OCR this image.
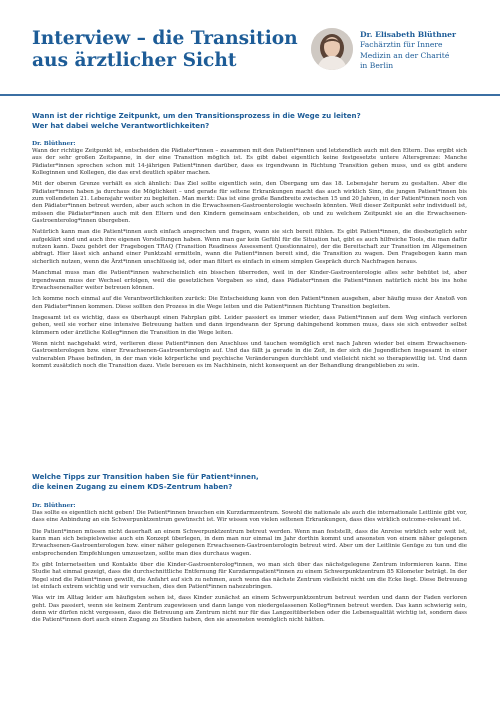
Interview – die Transition
aus ärztlicher Sicht
Dr. Elisabeth Blüthner
Fachärztin für Innere
Medizin an der Charité
in Berlin
Wann ist der richtige Zeitpunkt, um den Transitionsprozess in die Wege zu leiten?
Wer hat dabei welche Verantwortlichkeiten?
Dr. Blüthner:

Wann der richtige Zeitpunkt ist, entscheiden die Pädiater*innen – zusammen mit den Patient*innen und letztendlich auch mit den Eltern. Das ergibt sich aus der sehr großen Zeitspanne, in der eine Transition möglich ist. Es gibt dabei eigentlich keine festgesetzte untere Altersgrenze: Manche Pädiater*innen sprechen schon mit 14-jährigen Patient*innen darüber, dass es irgendwann in Richtung Transition gehen muss, und es gibt andere Kolleginnen und Kollegen, die das erst deutlich später machen.

Mit der oberen Grenze verhält es sich ähnlich: Das Ziel sollte eigentlich sein, den Übergang um das 18. Lebensjahr herum zu gestalten. Aber die Pädiater*innen haben ja durchaus die Möglichkeit – und gerade für seltene Erkrankungen macht das auch wirklich Sinn, die jungen Patient*innen bis zum vollendeten 21. Lebensjahr weiter zu begleiten. Man merkt: Das ist eine große Bandbreite zwischen 15 und 20 Jahren, in der Patient*innen noch von den Pädiater*innen betreut werden, aber auch schon in die Erwachsenen-Gastroenterologie wechseln könnten. Weil dieser Zeitpunkt sehr individuell ist, müssen die Pädiater*innen auch mit den Eltern und den Kindern gemeinsam entscheiden, ob und zu welchem Zeitpunkt sie an die Erwachsenen-Gastroenterolog*innen übergeben.

Natürlich kann man die Patient*innen auch einfach ansprechen und fragen, wann sie sich bereit fühlen. Es gibt Patient*innen, die diesbezüglich sehr aufgeklärt sind und auch ihre eigenen Vorstellungen haben. Wenn man gar kein Gefühl für die Situation hat, gibt es auch hilfreiche Tools, die man dafür nutzen kann. Dazu gehört der Fragebogen TRAQ (Transition Readiness Assessment Questionnaire), der die Bereitschaft zur Transition im Allgemeinen abfragt. Hier lässt sich anhand einer Punktzahl ermitteln, wann die Patient*innen bereit sind, die Transition zu wagen. Den Fragebogen kann man sicherlich nutzen, wenn die Ärzt*innen unschlüssig ist, oder man filtert es einfach in einem simplen Gespräch durch Nachfragen heraus.

Manchmal muss man die Patient*innen wahrscheinlich ein bisschen überreden, weil in der Kinder-Gastroenterologie alles sehr behütet ist, aber irgendwann muss der Wechsel erfolgen, weil die gesetzlichen Vorgaben so sind, dass Pädiater*innen die Patient*innen natürlich nicht bis ins hohe Erwachsenenalter weiter betreuen können.

Ich komme noch einmal auf die Verantwortlichkeiten zurück: Die Entscheidung kann von den Patient*innen ausgehen, aber häufig muss der Anstoß von den Pädiater*innen kommen. Diese sollten den Prozess in die Wege leiten und die Patient*innen Richtung Transition begleiten.

Insgesamt ist es wichtig, dass es überhaupt einen Fahrplan gibt. Leider passiert es immer wieder, dass Patient*innen auf dem Weg einfach verloren gehen, weil sie vorher eine intensive Betreuung hatten und dann irgendwann der Sprung dahingehend kommen muss, dass sie sich entweder selbst kümmern oder ärztliche Kolleg*innen die Transition in die Wege leiten.

Wenn nicht nachgehakt wird, verlieren diese Patient*innen den Anschluss und tauchen womöglich erst nach Jahren wieder bei einem Erwachsenen-Gastroenterologen bzw. einer Erwachsenen-Gastroenterologin auf. Und das fällt ja gerade in die Zeit, in der sich die Jugendlichen insgesamt in einer vulnerablen Phase befinden, in der man viele körperliche und psychische Veränderungen durchlebt und vielleicht nicht so therapiewillig ist. Und dann kommt zusätzlich noch die Transition dazu. Viele bereuen es im Nachhinein, nicht konsequent an der Behandlung drangeblieben zu sein.

Welche Tipps zur Transition haben Sie für Patient*innen,
die keinen Zugang zu einem KDS-Zentrum haben?
Dr. Blüthner:

Das sollte es eigentlich nicht geben! Die Patient*innen brauchen ein Kurzdarmzentrum. Sowohl die nationale als auch die internationale Leitlinie gibt vor, dass eine Anbindung an ein Schwerpunktzentrum gewünscht ist. Wir wissen von vielen seltenen Erkrankungen, dass dies wirklich outcome-relevant ist.

Die Patient*innen müssen nicht dauerhaft an einem Schwerpunktzentrum betreut werden. Wenn man feststellt, dass die Anreise wirklich sehr weit ist, kann man sich beispielsweise auch ein Konzept überlegen, in dem man nur einmal im Jahr dorthin kommt und ansonsten von einem näher gelegenen Erwachsenen-Gastroenterologen bzw. einer näher gelegenen Erwachsenen-Gastroenterologin betreut wird. Aber um der Leitlinie Genüge zu tun und die entsprechenden Empfehlungen umzusetzen, sollte man dies durchaus wagen.

Es gibt Internetseiten und Kontakte über die Kinder-Gastroenterolog*innen, wo man sich über das nächstgelegene Zentrum informieren kann. Eine Studie hat einmal gezeigt, dass die durchschnittliche Entfernung für Kurzdarmpatient*innen zu einem Schwerpunktzentrum 85 Kilometer beträgt. In der Regel sind die Patient*innen gewillt, die Anfahrt auf sich zu nehmen, auch wenn das nächste Zentrum vielleicht nicht um die Ecke liegt. Diese Betreuung ist einfach extrem wichtig und wir versuchen, dies den Patient*innen nahezubringen.

Was wir im Alltag leider am häufigsten sehen ist, dass Kinder zunächst an einem Schwerpunktzentrum betreut werden und dann der Faden verloren geht. Das passiert, wenn sie keinem Zentrum zugewiesen und dann lange von niedergelassenen Kolleg*innen betreut werden. Das kann schwierig sein, denn wir dürfen nicht vergessen, dass die Betreuung am Zentrum nicht nur für das Langzeitüberleben oder die Lebensqualität wichtig ist, sondern dass die Patient*innen dort auch einen Zugang zu Studien haben, den sie ansonsten womöglich nicht hätten.
